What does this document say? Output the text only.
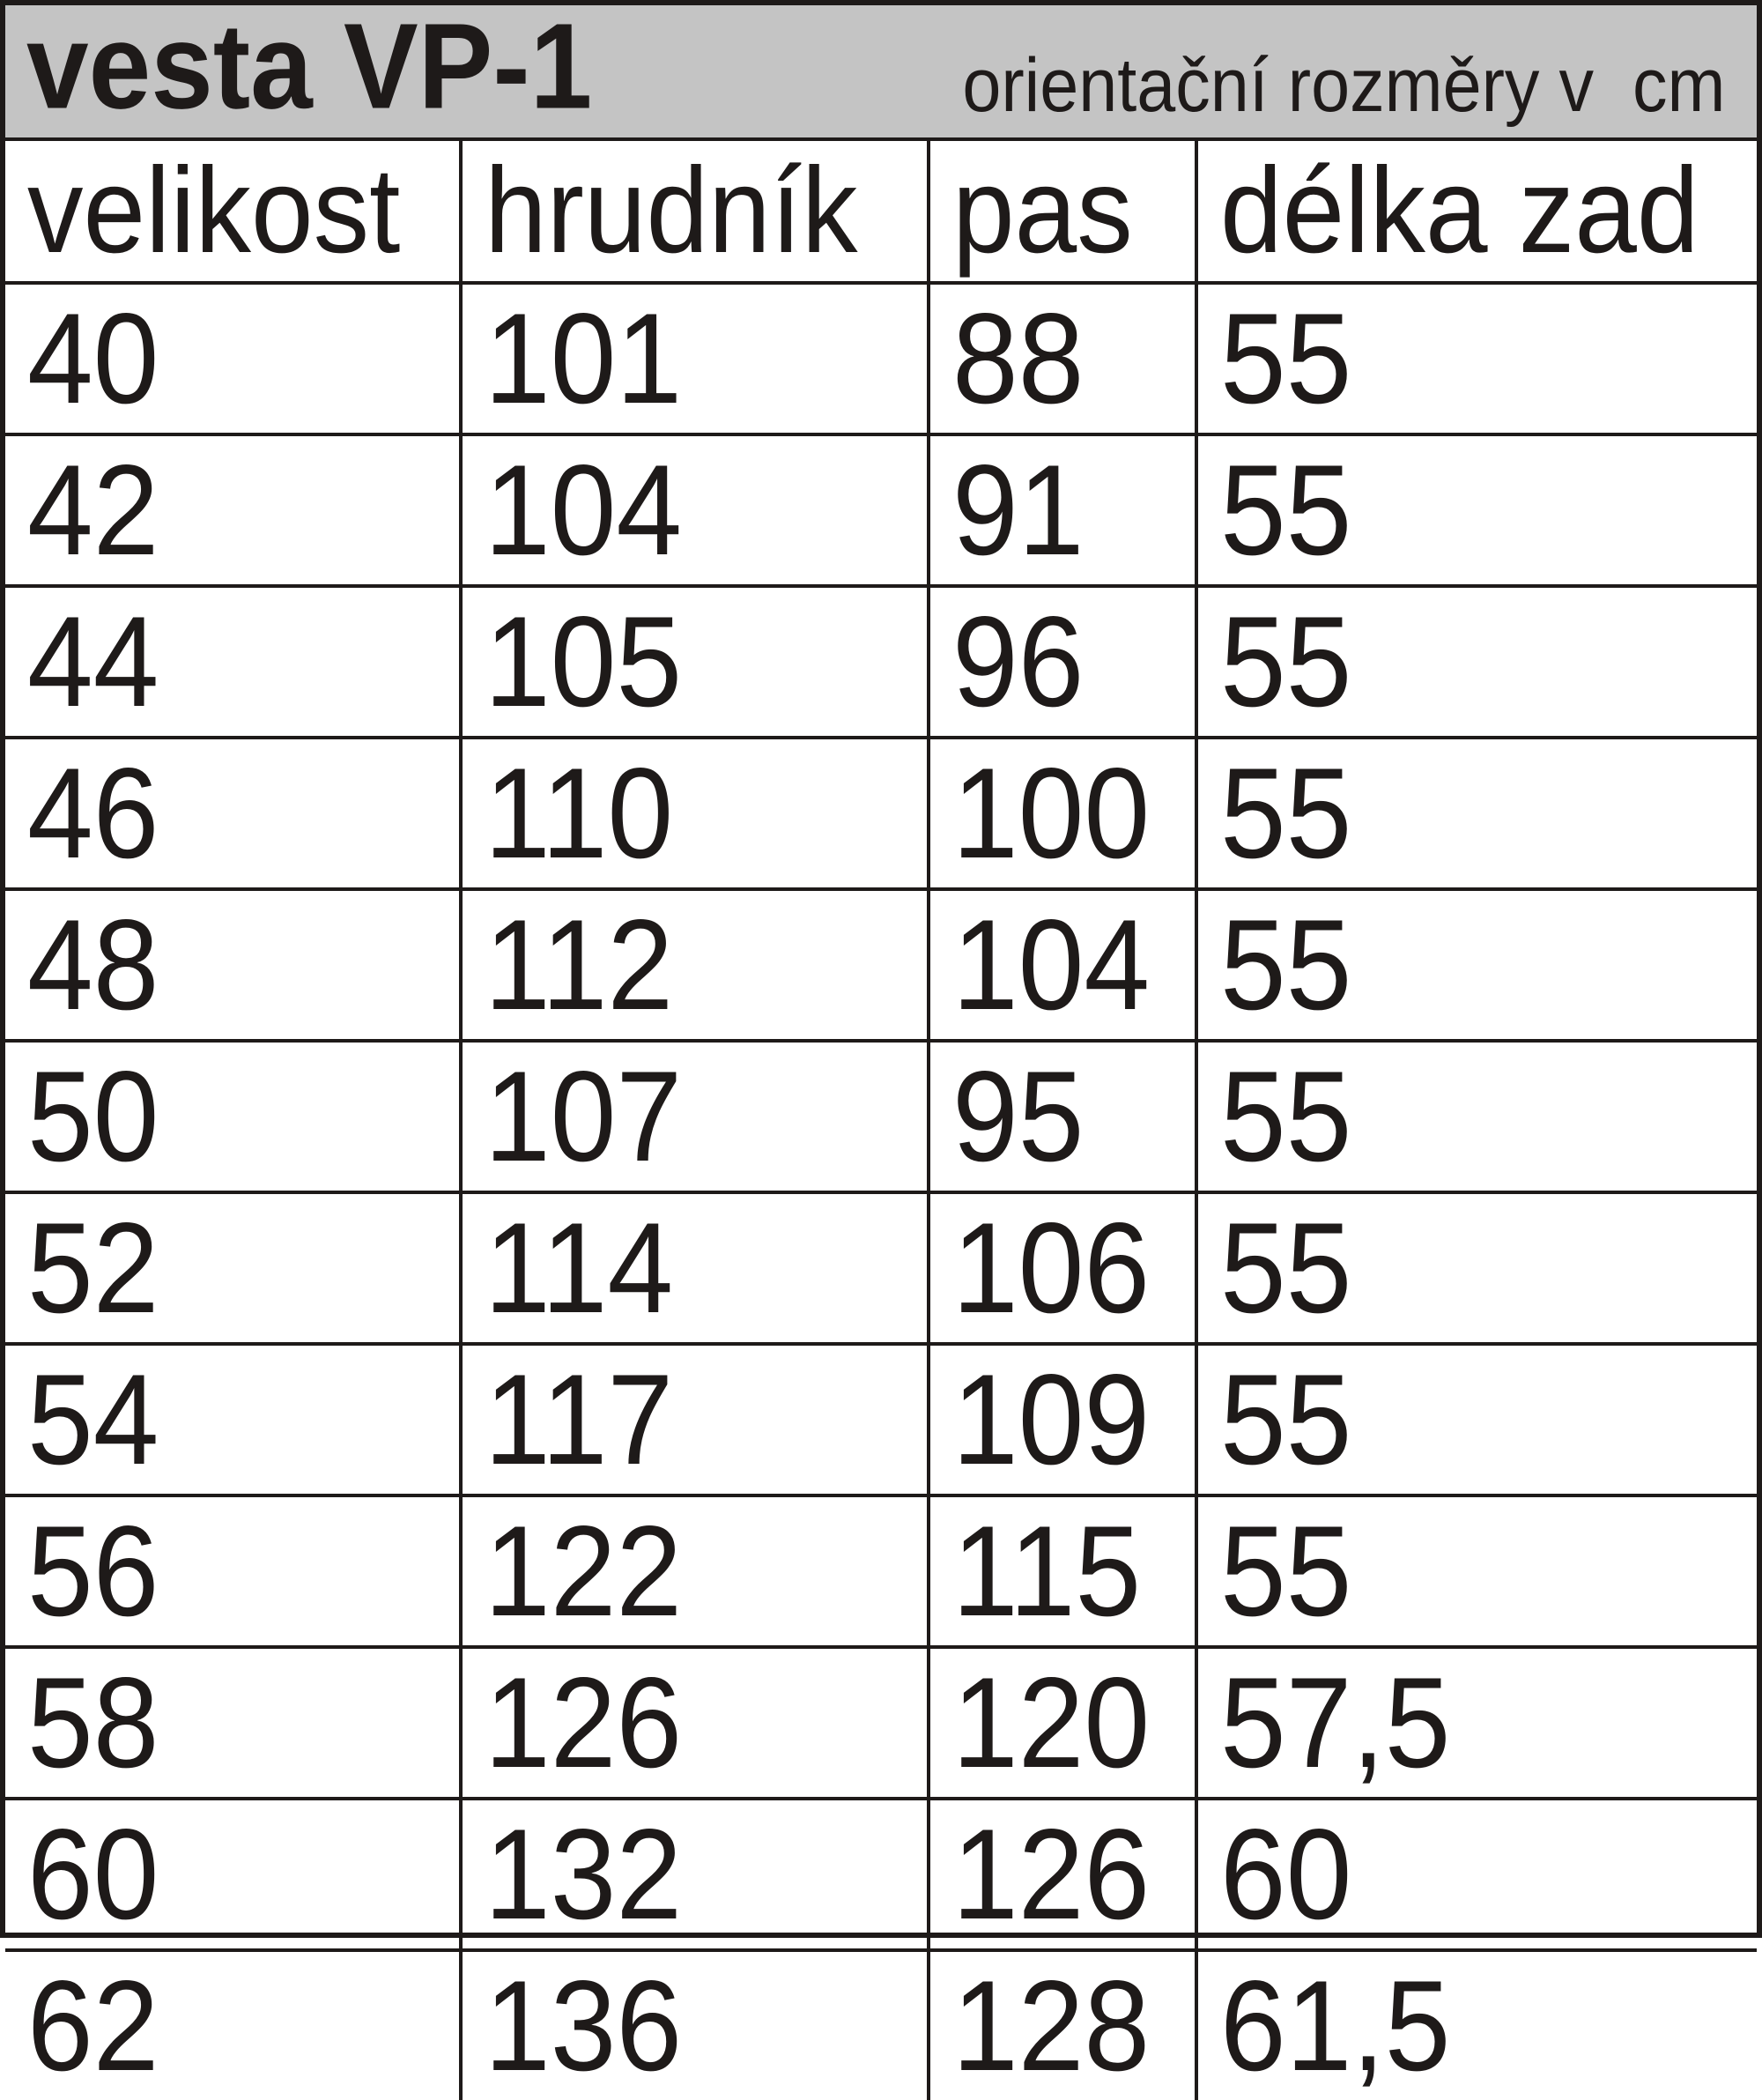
vesta VP-1	orientační rozměry v  cm
velikost	hrudník	pas	délka zad
40	101	88	55
42	104	91	55
44	105	96	55
46	110	100	55
48	112	104	55
50	107	95	55
52	114	106	55
54	117	109	55
56	122	115	55
58	126	120	57,5
60	132	126	60
62	136	128	61,5
